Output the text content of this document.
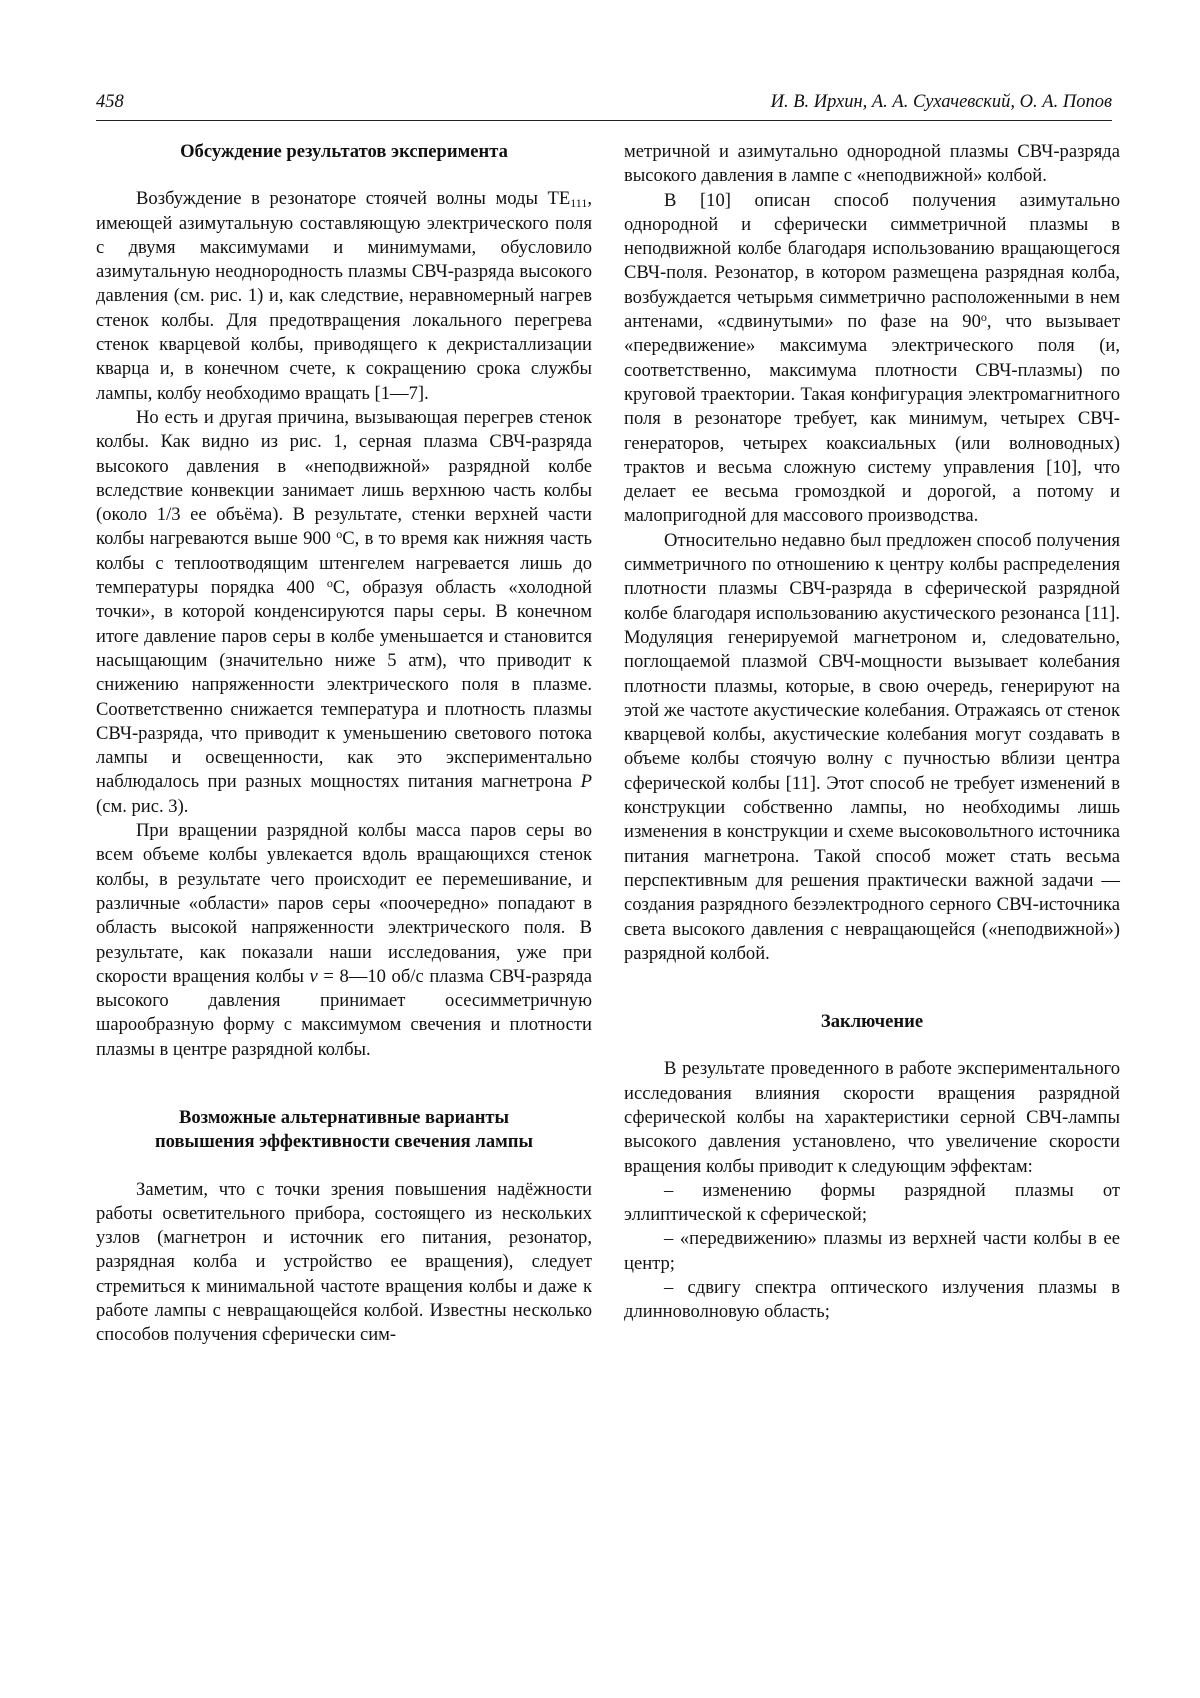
458	И. В. Ирхин, А. А. Сухачевский, О. А. Попов
Обсуждение результатов эксперимента

Возбуждение в резонаторе стоячей волны моды $ТЕ_{111}$, имеющей азимутальную составляющую электрического поля с двумя максимумами и минимумами, обусловило азимутальную неоднородность плазмы СВЧ-разряда высокого давления (см. рис. 1) и, как следствие, неравномерный нагрев стенок колбы. Для предотвращения локального перегрева стенок кварцевой колбы, приводящего к декристаллизации кварца и, в конечном счете, к сокращению срока службы лампы, колбу необходимо вращать [1—7].

Но есть и другая причина, вызывающая перегрев стенок колбы. Как видно из рис. 1, серная плазма СВЧ-разряда высокого давления в «неподвижной» разрядной колбе вследствие конвекции занимает лишь верхнюю часть колбы (около 1/3 ее объёма). В результате, стенки верхней части колбы нагреваются выше 900 $^o$С, в то время как нижняя часть колбы с теплоотводящим штенгелем нагревается лишь до температуры порядка 400 $^o$С, образуя область «холодной точки», в которой конденсируются пары серы. В конечном итоге давление паров серы в колбе уменьшается и становится насыщающим (значительно ниже 5 атм), что приводит к снижению напряженности электрического поля в плазме. Соответственно снижается температура и плотность плазмы СВЧ-разряда, что приводит к уменьшению светового потока лампы и освещенности, как это экспериментально наблюдалось при разных мощностях питания магнетрона P (см. рис. 3).

При вращении разрядной колбы масса паров серы во всем объеме колбы увлекается вдоль вращающихся стенок колбы, в результате чего происходит ее перемешивание, и различные «области» паров серы «поочередно» попадают в область высокой напряженности электрического поля. В результате, как показали наши исследования, уже при скорости вращения колбы ν = 8—10 об/с плазма СВЧ-разряда высокого давления принимает осесимметричную шарообразную форму с максимумом свечения и плотности плазмы в центре разрядной колбы.

Возможные альтернативные варианты
повышения эффективности свечения лампы

Заметим, что с точки зрения повышения надёжности работы осветительного прибора, состоящего из нескольких узлов (магнетрон и источник его питания, резонатор, разрядная колба и устройство ее вращения), следует стремиться к минимальной частоте вращения колбы и даже к работе лампы с невращающейся колбой. Известны несколько способов получения сферически сим-

метричной и азимутально однородной плазмы СВЧ-разряда высокого давления в лампе с «неподвижной» колбой.

В [10] описан способ получения азимутально однородной и сферически симметричной плазмы в неподвижной колбе благодаря использованию вращающегося СВЧ-поля. Резонатор, в котором размещена разрядная колба, возбуждается четырьмя симметрично расположенными в нем антенами, «сдвинутыми» по фазе на 90$^o$, что вызывает «передвижение» максимума электрического поля (и, соответственно, максимума плотности СВЧ-плазмы) по круговой траектории. Такая конфигурация электромагнитного поля в резонаторе требует, как минимум, четырех СВЧ-генераторов, четырех коаксиальных (или волноводных) трактов и весьма сложную систему управления [10], что делает ее весьма громоздкой и дорогой, а потому и малопригодной для массового производства.

Относительно недавно был предложен способ получения симметричного по отношению к центру колбы распределения плотности плазмы СВЧ-разряда в сферической разрядной колбе благодаря использованию акустического резонанса [11]. Модуляция генерируемой магнетроном и, следовательно, поглощаемой плазмой СВЧ-мощности вызывает колебания плотности плазмы, которые, в свою очередь, генерируют на этой же частоте акустические колебания. Отражаясь от стенок кварцевой колбы, акустические колебания могут создавать в объеме колбы стоячую волну с пучностью вблизи центра сферической колбы [11]. Этот способ не требует изменений в конструкции собственно лампы, но необходимы лишь изменения в конструкции и схеме высоковольтного источника питания магнетрона. Такой способ может стать весьма перспективным для решения практически важной задачи — создания разрядного безэлектродного серного СВЧ-источника света высокого давления с невращающейся («неподвижной») разрядной колбой.

Заключение

В результате проведенного в работе экспериментального исследования влияния скорости вращения разрядной сферической колбы на характеристики серной СВЧ-лампы высокого давления установлено, что увеличение скорости вращения колбы приводит к следующим эффектам:

– изменению формы разрядной плазмы от эллиптической к сферической;

– «передвижению» плазмы из верхней части колбы в ее центр;

– сдвигу спектра оптического излучения плазмы в длинноволновую область;
